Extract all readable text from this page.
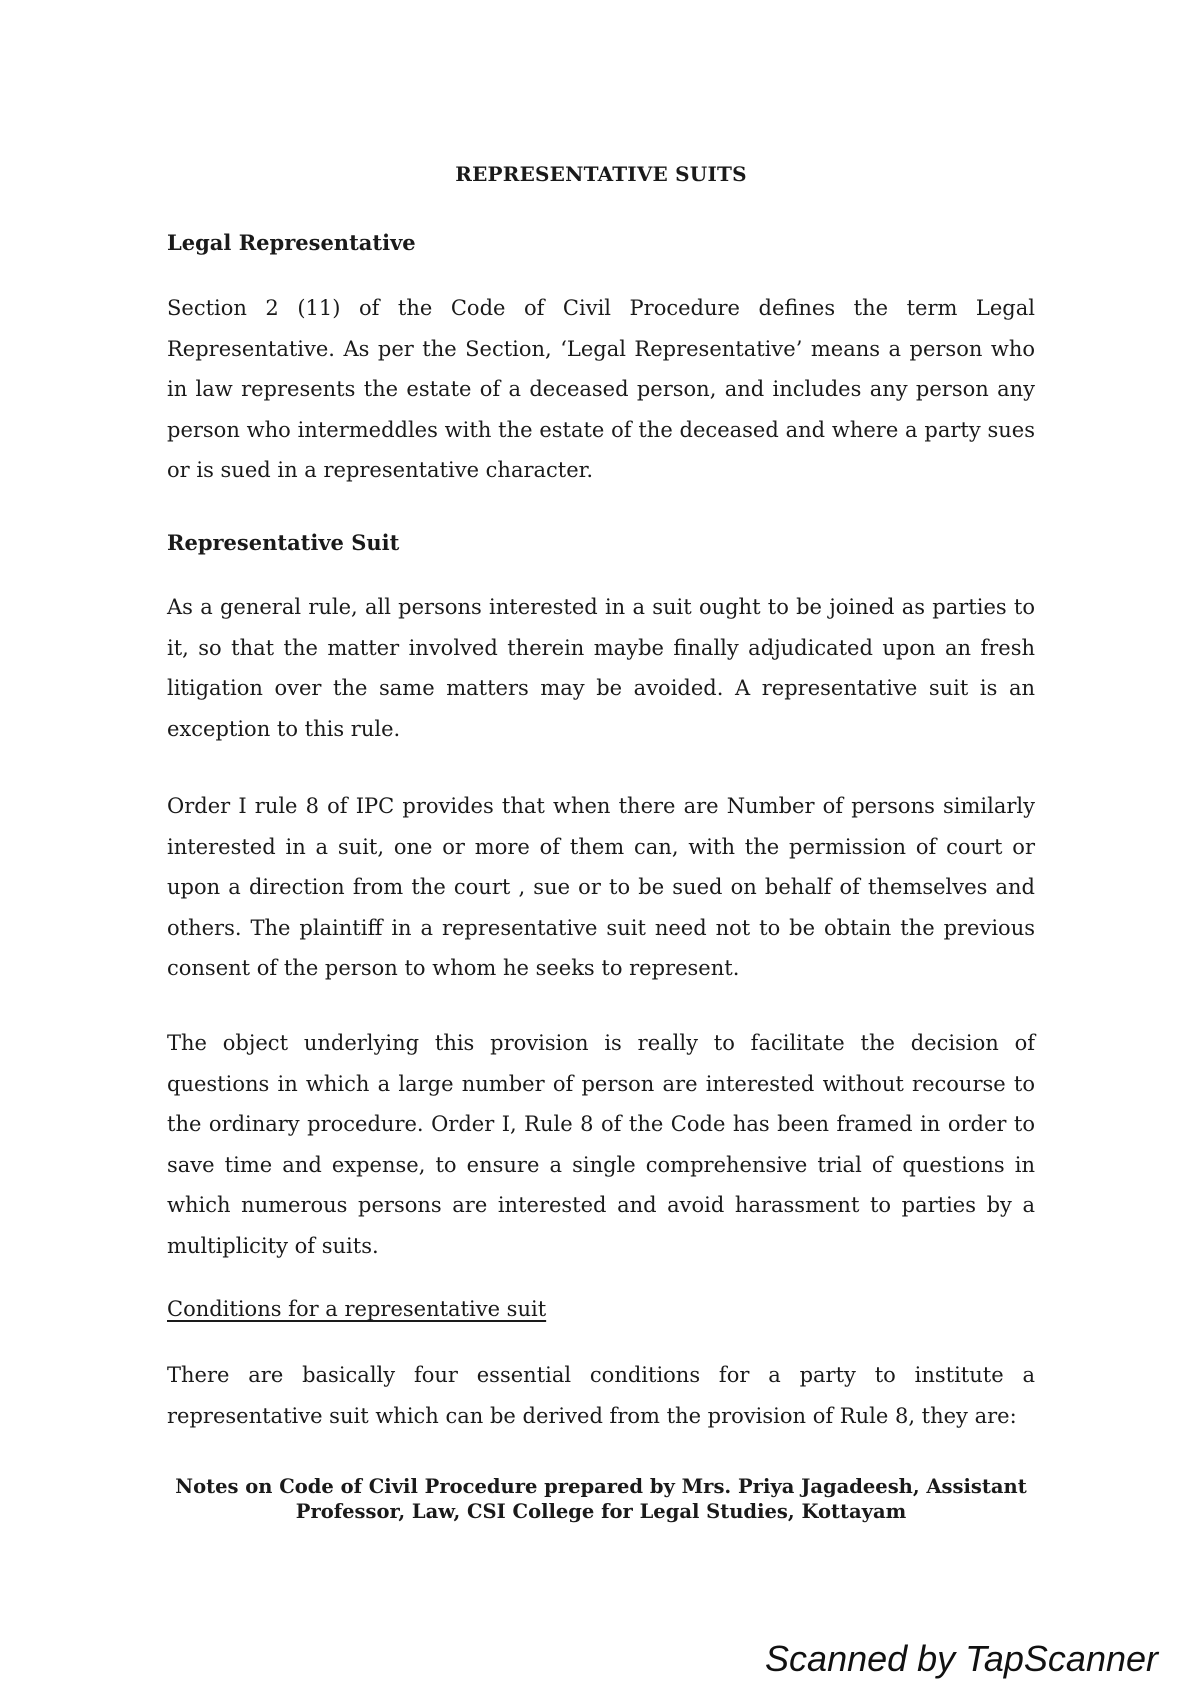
REPRESENTATIVE SUITS
Legal Representative

Section 2 (11) of the Code of Civil Procedure defines the term Legal Representative. As per the Section, ‘Legal Representative’ means a person who in law represents the estate of a deceased person, and includes any person any person who intermeddles with the estate of the deceased and where a party sues or is sued in a representative character.

Representative Suit

As a general rule, all persons interested in a suit ought to be joined as parties to it, so that the matter involved therein maybe finally adjudicated upon an fresh litigation over the same matters may be avoided. A representative suit is an exception to this rule.

Order I rule 8 of IPC provides that when there are Number of persons similarly interested in a suit, one or more of them can, with the permission of court or upon a direction from the court , sue or to be sued on behalf of themselves and others. The plaintiff in a representative suit need not to be obtain the previous consent of the person to whom he seeks to represent.

The object underlying this provision is really to facilitate the decision of questions in which a large number of person are interested without recourse to the ordinary procedure. Order I, Rule 8 of the Code has been framed in order to save time and expense, to ensure a single comprehensive trial of questions in which numerous persons are interested and avoid harassment to parties by a multiplicity of suits.

Conditions for a representative suit

There are basically four essential conditions for a party to institute a representative suit which can be derived from the provision of Rule 8, they are:

Notes on Code of Civil Procedure prepared by Mrs. Priya Jagadeesh, Assistant Professor, Law, CSI College for Legal Studies, Kottayam
Scanned by TapScanner
